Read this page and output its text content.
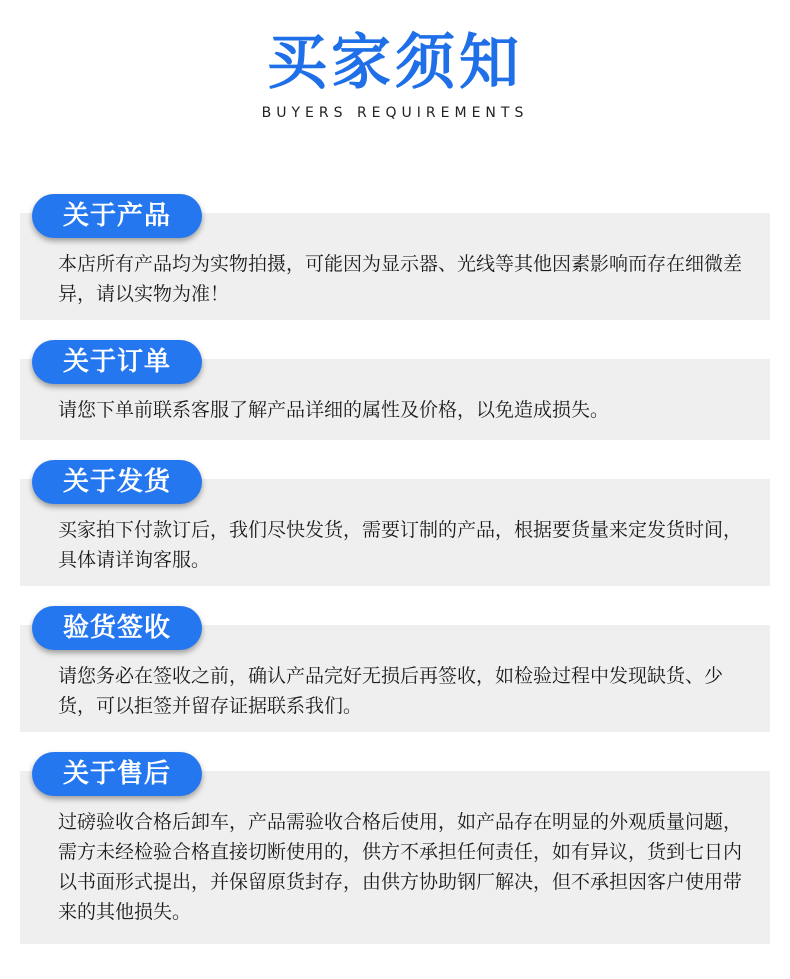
买家须知
BUYERS REQUIREMENTS
本店所有产品均为实物拍摄，可能因为显示器、光线等其他因素影响而存在细微差异，请以实物为准！
关于产品
请您下单前联系客服了解产品详细的属性及价格，以免造成损失。
关于订单
买家拍下付款订后，我们尽快发货，需要订制的产品，根据要货量来定发货时间，具体请详询客服。
关于发货
请您务必在签收之前，确认产品完好无损后再签收，如检验过程中发现缺货、少货，可以拒签并留存证据联系我们。
验货签收
过磅验收合格后卸车，产品需验收合格后使用，如产品存在明显的外观质量问题，需方未经检验合格直接切断使用的，供方不承担任何责任，如有异议，货到七日内以书面形式提出，并保留原货封存，由供方协助钢厂解决，但不承担因客户使用带来的其他损失。
关于售后
